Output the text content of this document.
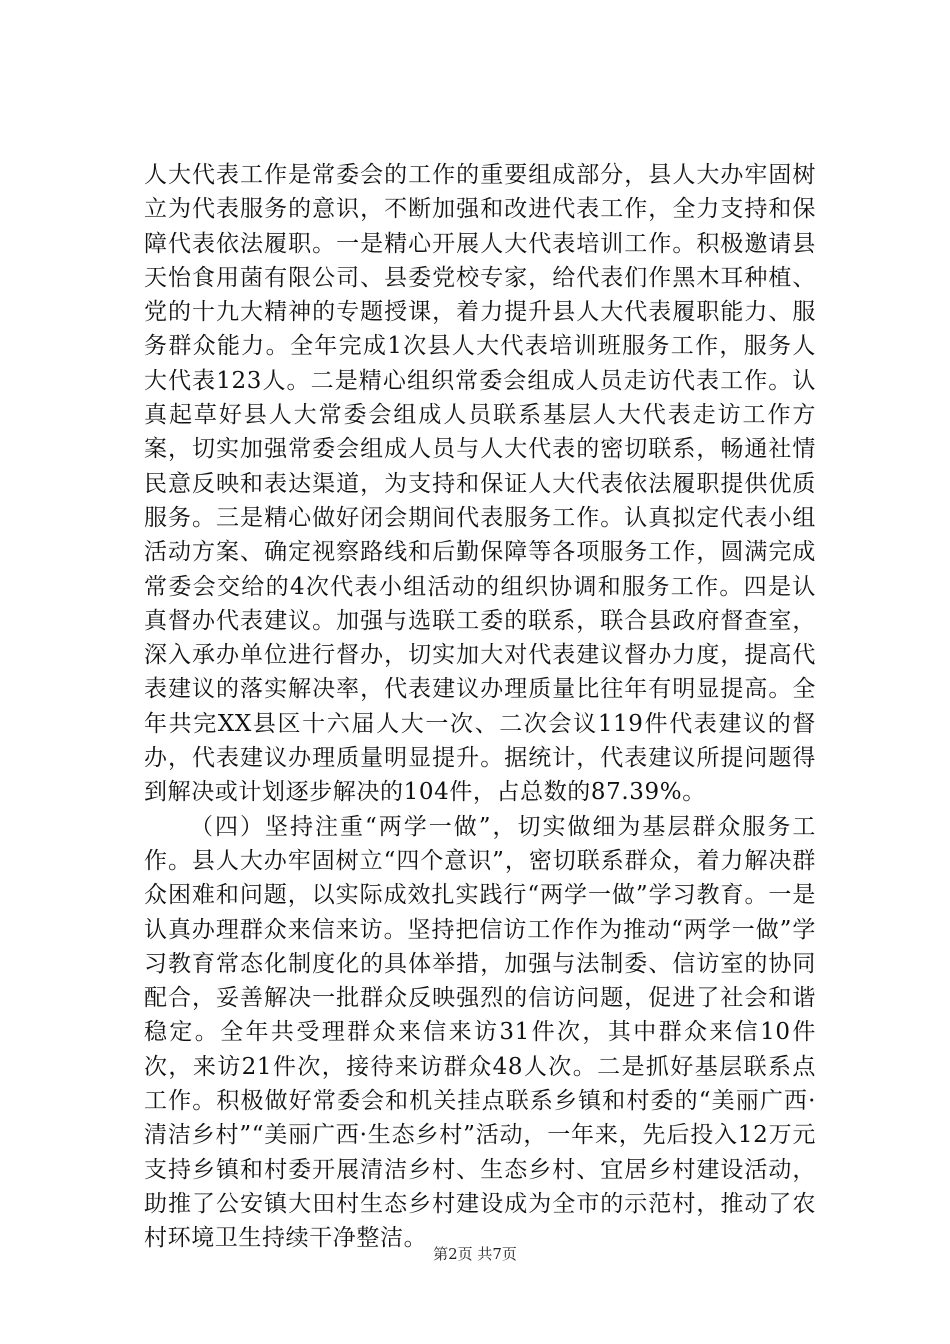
人大代表工作是常委会的工作的重要组成部分，县人大办牢固树立为代表服务的意识，不断加强和改进代表工作，全力支持和保障代表依法履职。一是精心开展人大代表培训工作。积极邀请县天怡食用菌有限公司、县委党校专家，给代表们作黑木耳种植、党的十九大精神的专题授课，着力提升县人大代表履职能力、服务群众能力。全年完成1次县人大代表培训班服务工作，服务人大代表123人。二是精心组织常委会组成人员走访代表工作。认真起草好县人大常委会组成人员联系基层人大代表走访工作方案，切实加强常委会组成人员与人大代表的密切联系，畅通社情民意反映和表达渠道，为支持和保证人大代表依法履职提供优质服务。三是精心做好闭会期间代表服务工作。认真拟定代表小组活动方案、确定视察路线和后勤保障等各项服务工作，圆满完成常委会交给的4次代表小组活动的组织协调和服务工作。四是认真督办代表建议。加强与选联工委的联系，联合县政府督查室，深入承办单位进行督办，切实加大对代表建议督办力度，提高代表建议的落实解决率，代表建议办理质量比往年有明显提高。全年共完XX县区十六届人大一次、二次会议119件代表建议的督办，代表建议办理质量明显提升。据统计，代表建议所提问题得到解决或计划逐步解决的104件，占总数的87.39%。

（四）坚持注重“两学一做”，切实做细为基层群众服务工作。县人大办牢固树立“四个意识”，密切联系群众，着力解决群众困难和问题，以实际成效扎实践行“两学一做”学习教育。一是认真办理群众来信来访。坚持把信访工作作为推动“两学一做”学习教育常态化制度化的具体举措，加强与法制委、信访室的协同配合，妥善解决一批群众反映强烈的信访问题，促进了社会和谐稳定。全年共受理群众来信来访31件次，其中群众来信10件次，来访21件次，接待来访群众48人次。二是抓好基层联系点工作。积极做好常委会和机关挂点联系乡镇和村委的“美丽广西·清洁乡村”“美丽广西·生态乡村”活动，一年来，先后投入12万元支持乡镇和村委开展清洁乡村、生态乡村、宜居乡村建设活动，助推了公安镇大田村生态乡村建设成为全市的示范村，推动了农村环境卫生持续干净整洁。

第2页 共7页
